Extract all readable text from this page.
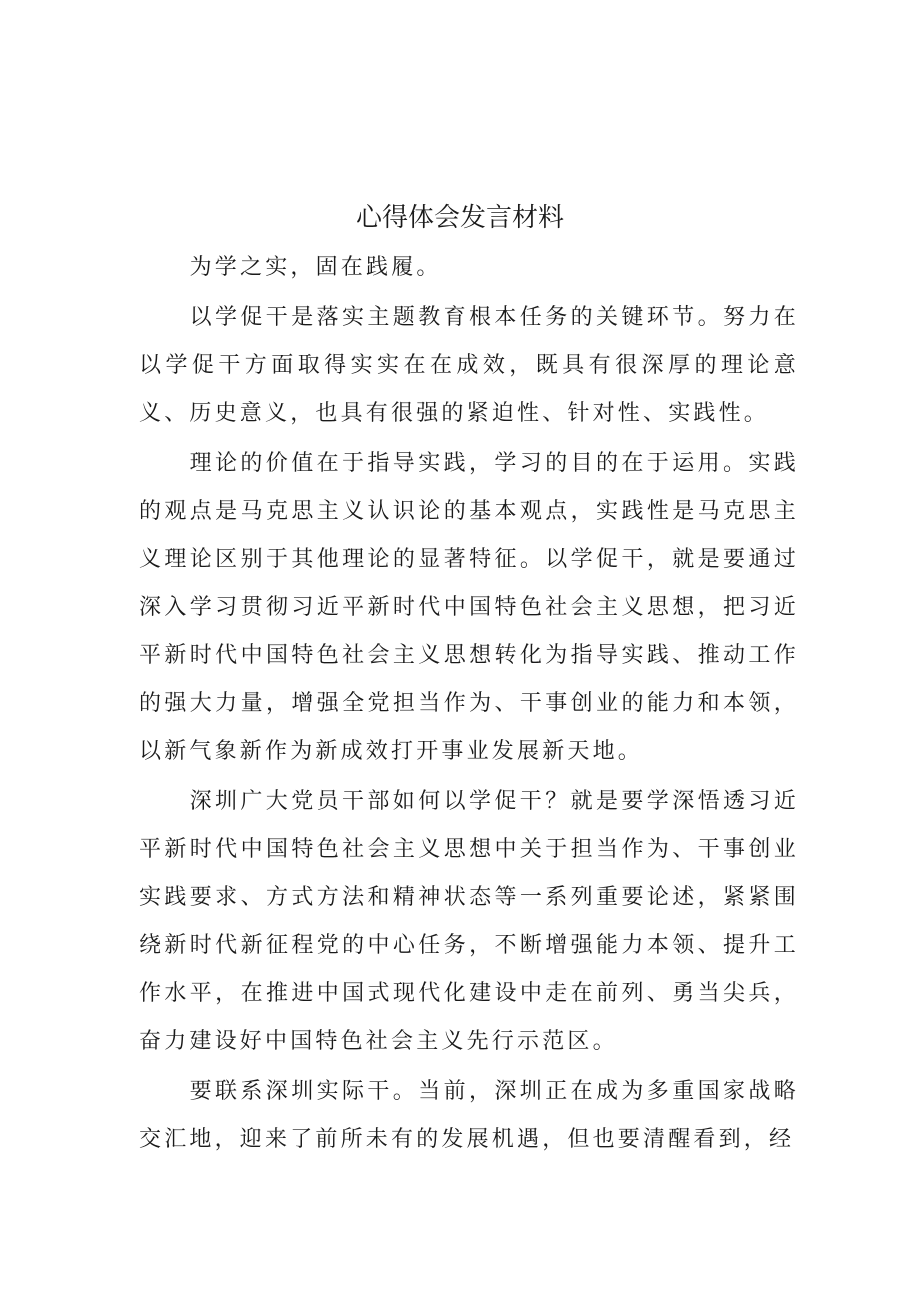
心得体会发言材料

为学之实，固在践履。

以学促干是落实主题教育根本任务的关键环节。努力在以学促干方面取得实实在在成效，既具有很深厚的理论意义、历史意义，也具有很强的紧迫性、针对性、实践性。

理论的价值在于指导实践，学习的目的在于运用。实践的观点是马克思主义认识论的基本观点，实践性是马克思主义理论区别于其他理论的显著特征。以学促干，就是要通过深入学习贯彻习近平新时代中国特色社会主义思想，把习近平新时代中国特色社会主义思想转化为指导实践、推动工作的强大力量，增强全党担当作为、干事创业的能力和本领，以新气象新作为新成效打开事业发展新天地。

深圳广大党员干部如何以学促干？就是要学深悟透习近平新时代中国特色社会主义思想中关于担当作为、干事创业实践要求、方式方法和精神状态等一系列重要论述，紧紧围绕新时代新征程党的中心任务，不断增强能力本领、提升工作水平，在推进中国式现代化建设中走在前列、勇当尖兵，奋力建设好中国特色社会主义先行示范区。

要联系深圳实际干。当前，深圳正在成为多重国家战略交汇地，迎来了前所未有的发展机遇，但也要清醒看到，经
